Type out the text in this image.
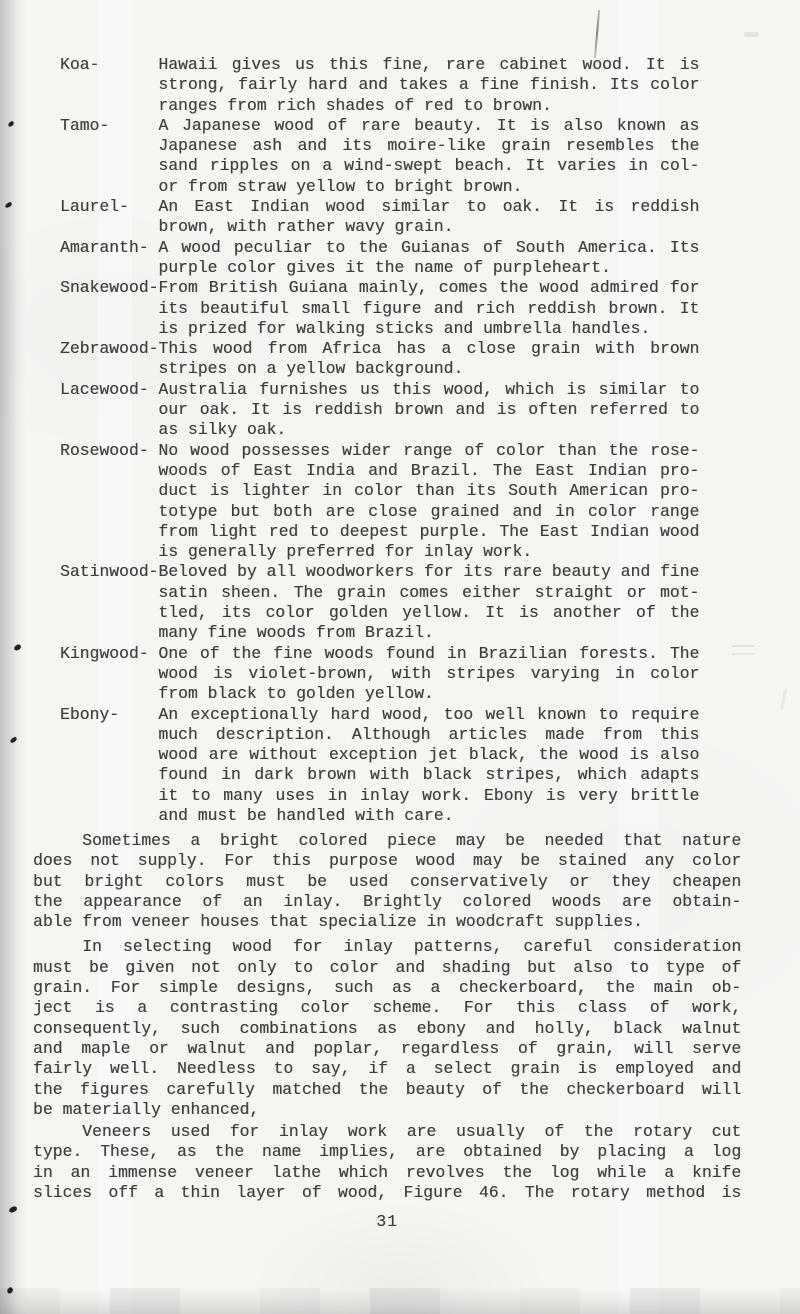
Koa-	Hawaii gives us this fine, rare cabinet wood. It is
strong, fairly hard and takes a fine finish. Its color
ranges from rich shades of red to brown.
Tamo-	A Japanese wood of rare beauty. It is also known as
Japanese ash and its moire-like grain resembles the
sand ripples on a wind-swept beach. It varies in col-
or from straw yellow to bright brown.
Laurel-	An East Indian wood similar to oak. It is reddish
brown, with rather wavy grain.
Amaranth- A wood peculiar to the Guianas of South America. Its
purple color gives it the name of purpleheart.
Snakewood- From British Guiana mainly, comes the wood admired for
its beautiful small figure and rich reddish brown. It
is prized for walking sticks and umbrella handles.
Zebrawood- This wood from Africa has a close grain with brown
stripes on a yellow background.
Lacewood- Australia furnishes us this wood, which is similar to
our oak. It is reddish brown and is often referred to
as silky oak.
Rosewood- No wood possesses wider range of color than the rose-
woods of East India and Brazil. The East Indian pro-
duct is lighter in color than its South American pro-
totype but both are close grained and in color range
from light red to deepest purple. The East Indian wood
is generally preferred for inlay work.
Satinwood- Beloved by all woodworkers for its rare beauty and fine
satin sheen. The grain comes either straight or mot-
tled, its color golden yellow. It is another of the
many fine woods from Brazil.
Kingwood- One of the fine woods found in Brazilian forests. The
wood is violet-brown, with stripes varying in color
from black to golden yellow.
Ebony-	An exceptionally hard wood, too well known to require
much description. Although articles made from this
wood are without exception jet black, the wood is also
found in dark brown with black stripes, which adapts
it to many uses in inlay work. Ebony is very brittle
and must be handled with care.
Sometimes a bright colored piece may be needed that nature
does not supply. For this purpose wood may be stained any color
but bright colors must be used conservatively or they cheapen
the appearance of an inlay. Brightly colored woods are obtain-
able from veneer houses that specialize in woodcraft supplies.
In selecting wood for inlay patterns, careful consideration
must be given not only to color and shading but also to type of
grain. For simple designs, such as a checkerboard, the main ob-
ject is a contrasting color scheme. For this class of work,
consequently, such combinations as ebony and holly, black walnut
and maple or walnut and poplar, regardless of grain, will serve
fairly well. Needless to say, if a select grain is employed and
the figures carefully matched the beauty of the checkerboard will
be materially enhanced,
Veneers used for inlay work are usually of the rotary cut
type. These, as the name implies, are obtained by placing a log
in an immense veneer lathe which revolves the log while a knife
slices off a thin layer of wood, Figure 46. The rotary method is
31
